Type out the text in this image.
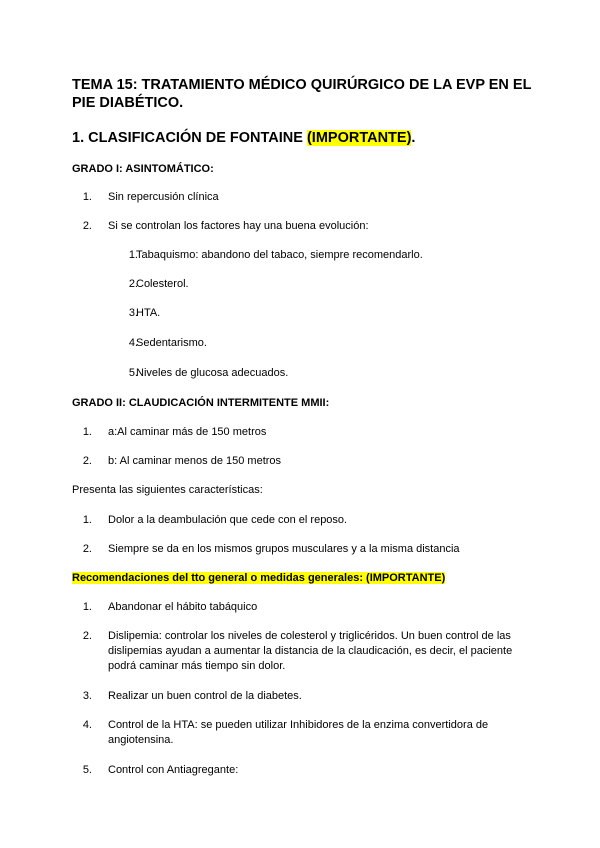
TEMA 15: TRATAMIENTO MÉDICO QUIRÚRGICO DE LA EVP EN EL PIE DIABÉTICO.
1. CLASIFICACIÓN DE FONTAINE (IMPORTANTE).
GRADO I: ASINTOMÁTICO:
1. Sin repercusión clínica
2. Si se controlan los factores hay una buena evolución:
1.
Tabaquismo: abandono del tabaco, siempre recomendarlo.
2.
Colesterol.
3.
HTA.
4.
Sedentarismo.
5.
Niveles de glucosa adecuados.
GRADO II: CLAUDICACIÓN INTERMITENTE MMII:
1. a:Al caminar más de 150 metros
2. b: Al caminar menos de 150 metros

Presenta las siguientes características:

1. Dolor a la deambulación que cede con el reposo.
2. Siempre se da en los mismos grupos musculares y a la misma distancia
Recomendaciones del tto general o medidas generales: (IMPORTANTE)
1. Abandonar el hábito tabáquico
2. Dislipemia: controlar los niveles de colesterol y triglicéridos. Un buen control de las dislipemias ayudan a aumentar la distancia de la claudicación, es decir, el paciente podrá caminar más tiempo sin dolor.
3. Realizar un buen control de la diabetes.
4. Control de la HTA: se pueden utilizar Inhibidores de la enzima convertidora de angiotensina.
5. Control con Antiagregante:
